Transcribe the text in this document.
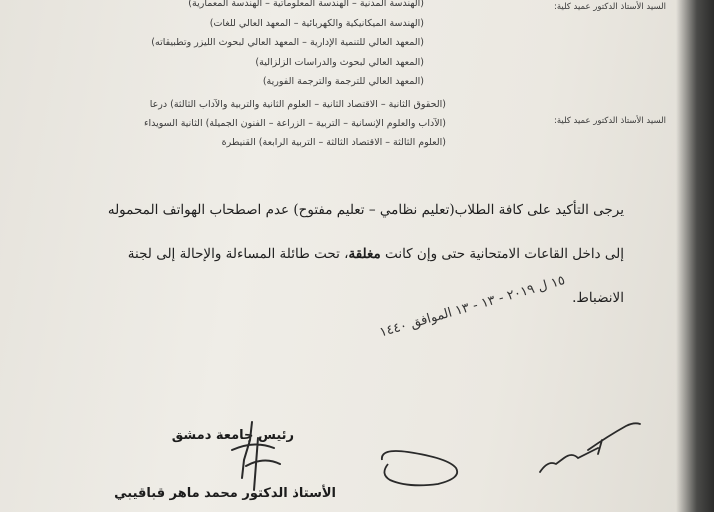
(الهندسة المدنية – الهندسة المعلوماتية – الهندسة المعمارية)
(الهندسة الميكانيكية والكهربائية – المعهد العالي للغات)
(المعهد العالي للتنمية الإدارية – المعهد العالي لبحوث الليزر وتطبيقاته)
(المعهد العالي لبحوث والدراسات الزلزالية)
(المعهد العالي للترجمة والترجمة الفورية)
السيد الأستاذ الدكتور عميد كلية:
(الحقوق الثانية – الاقتصاد الثانية – العلوم الثانية والتربية والآداب الثالثة) درعا
(الآداب والعلوم الإنسانية – التربية – الزراعة – الفنون الجميلة) الثانية السويداء
(العلوم الثالثة – الاقتصاد الثالثة – التربية الرابعة) القنيطرة
السيد الأستاذ الدكتور عميد كلية:
يرجى التأكيد على كافة الطلاب(تعليم نظامي – تعليم مفتوح) عدم اصطحاب الهواتف المحموله
إلى داخل القاعات الامتحانية حتى وإن كانت مغلقة، تحت طائلة المساءلة والإحالة إلى لجنة
الانضباط.
١٥ ل ٢٠١٩ - ١٣ - ١٣ الموافق ١٤٤٠
رئيس جامعة دمشق
الأستاذ الدكتور محمد ماهر قباقيبي
